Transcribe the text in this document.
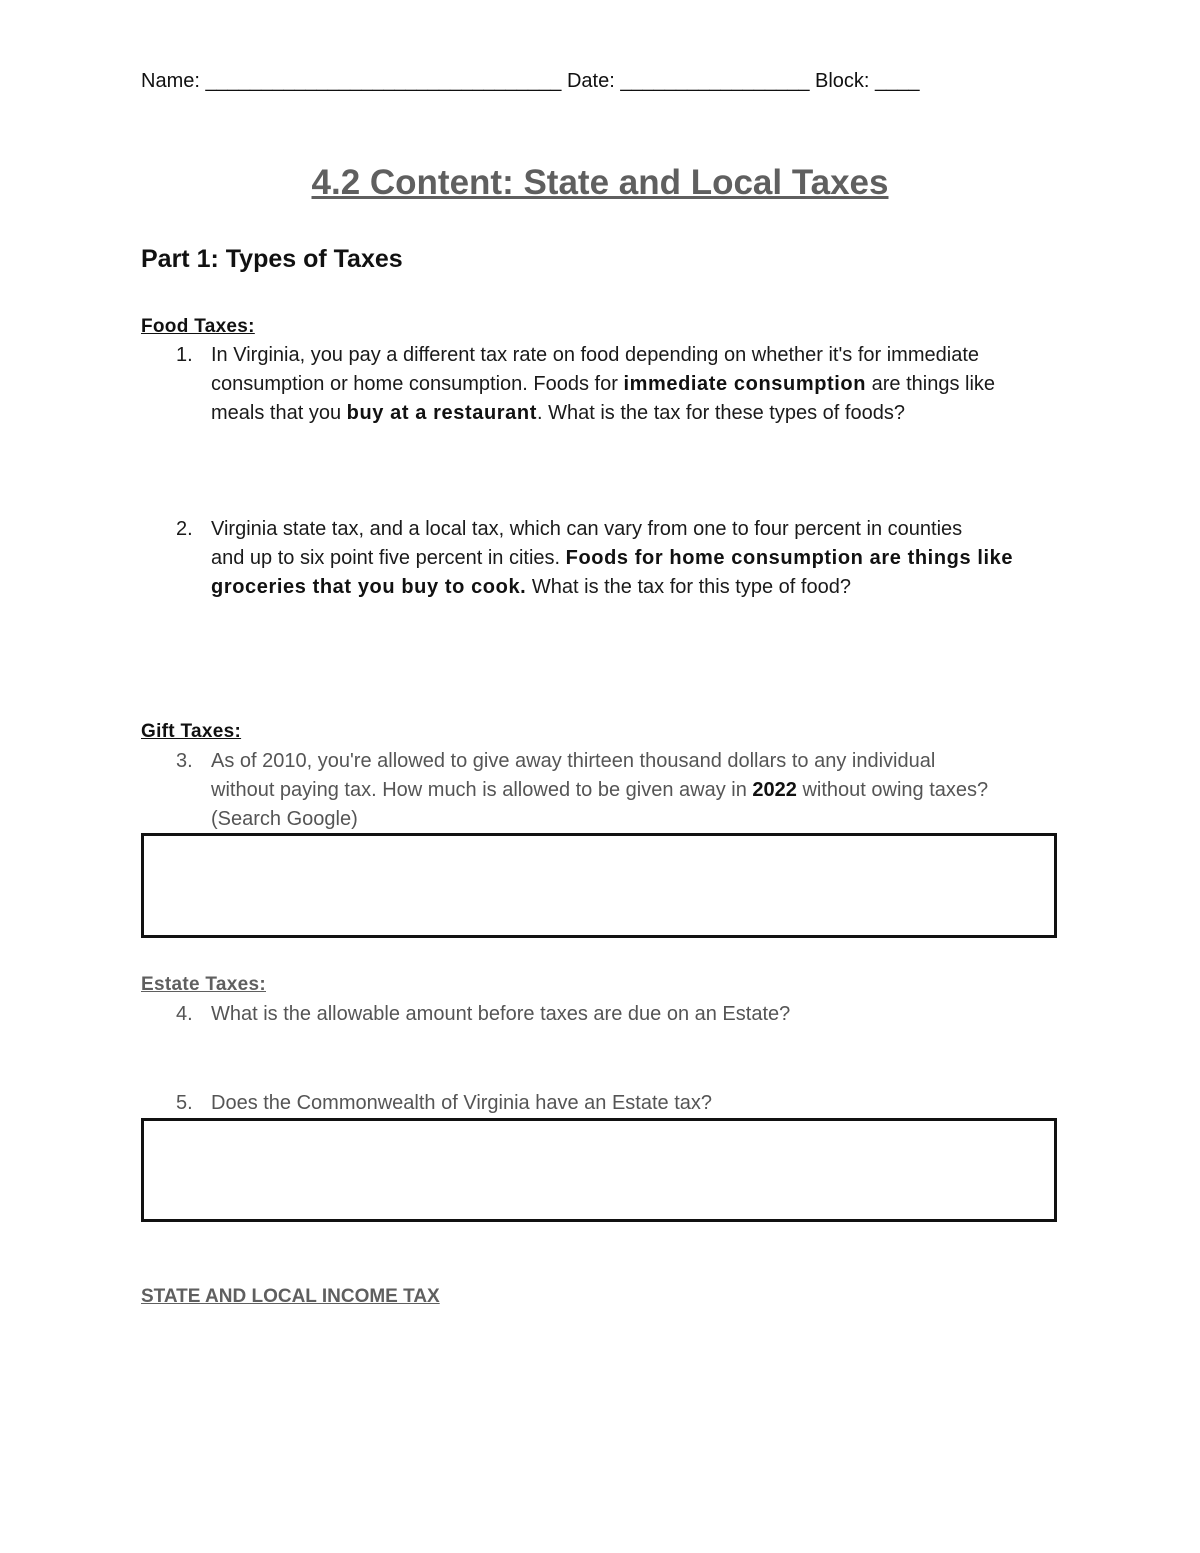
Name: ________________________________ Date: _________________ Block: ____
4.2 Content: State and Local Taxes
Part 1: Types of Taxes
Food Taxes:
1. In Virginia, you pay a different tax rate on food depending on whether it's for immediate
consumption or home consumption. Foods for immediate consumption are things like
meals that you buy at a restaurant. What is the tax for these types of foods?
2. Virginia state tax, and a local tax, which can vary from one to four percent in counties
and up to six point five percent in cities. Foods for home consumption are things like
groceries that you buy to cook. What is the tax for this type of food?
Gift Taxes:
3. As of 2010, you're allowed to give away thirteen thousand dollars to any individual
without paying tax. How much is allowed to be given away in 2022 without owing taxes?
(Search Google)
Estate Taxes:
4. What is the allowable amount before taxes are due on an Estate?
5. Does the Commonwealth of Virginia have an Estate tax?
STATE AND LOCAL INCOME TAX
